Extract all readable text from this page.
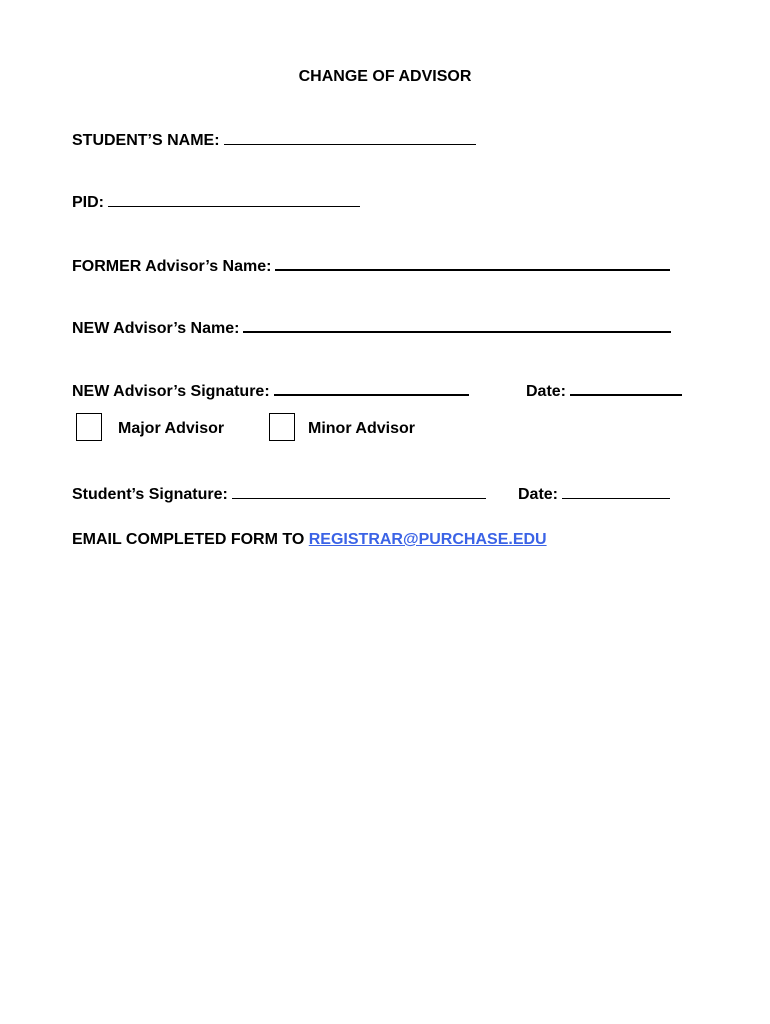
CHANGE OF ADVISOR
STUDENT’S NAME:
PID:
FORMER Advisor’s Name:
NEW Advisor’s Name:
NEW Advisor’s Signature:	Date:
Major Advisor	Minor Advisor
Student’s Signature:	Date:
EMAIL COMPLETED FORM TO REGISTRAR@PURCHASE.EDU
